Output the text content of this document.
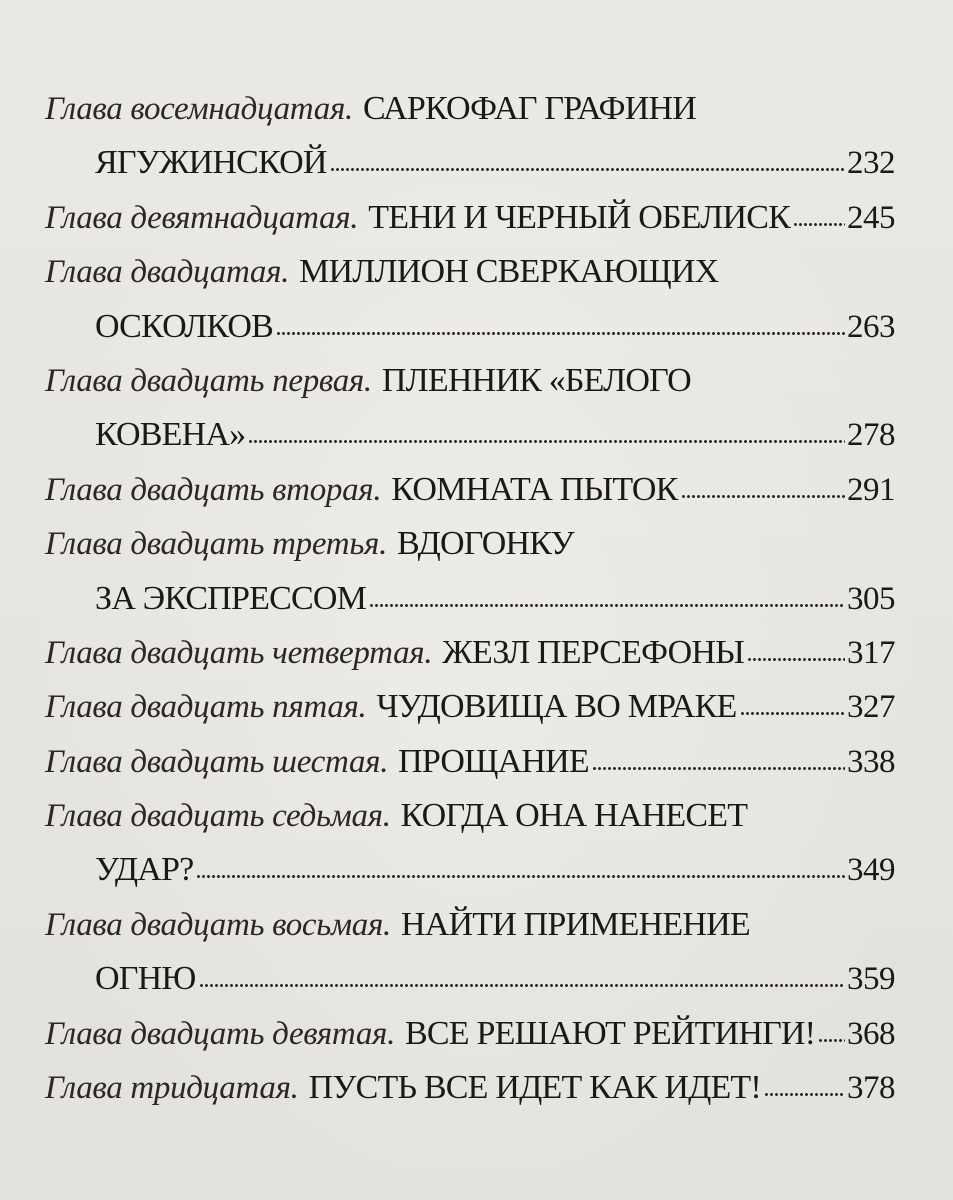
Глава восемнадцатая. САРКОФАГ ГРАФИНИ
ЯГУЖИНСКОЙ	232
Глава девятнадцатая. ТЕНИ И ЧЕРНЫЙ ОБЕЛИСК 245
Глава двадцатая. МИЛЛИОН СВЕРКАЮЩИХ
ОСКОЛКОВ	263
Глава двадцать первая. ПЛЕННИК «БЕЛОГО
КОВЕНА»	278
Глава двадцать вторая. КОМНАТА ПЫТОК	291
Глава двадцать третья. ВДОГОНКУ
ЗА ЭКСПРЕССОМ	305
Глава двадцать четвертая. ЖЕЗЛ ПЕРСЕФОНЫ	317
Глава двадцать пятая. ЧУДОВИЩА ВО МРАКЕ	327
Глава двадцать шестая. ПРОЩАНИЕ	338
Глава двадцать седьмая. КОГДА ОНА НАНЕСЕТ
УДАР?	349
Глава двадцать восьмая. НАЙТИ ПРИМЕНЕНИЕ
ОГНЮ	359
Глава двадцать девятая. ВСЕ РЕШАЮТ РЕЙТИНГИ! 368
Глава тридцатая. ПУСТЬ ВСЕ ИДЕТ КАК ИДЕТ!	378
